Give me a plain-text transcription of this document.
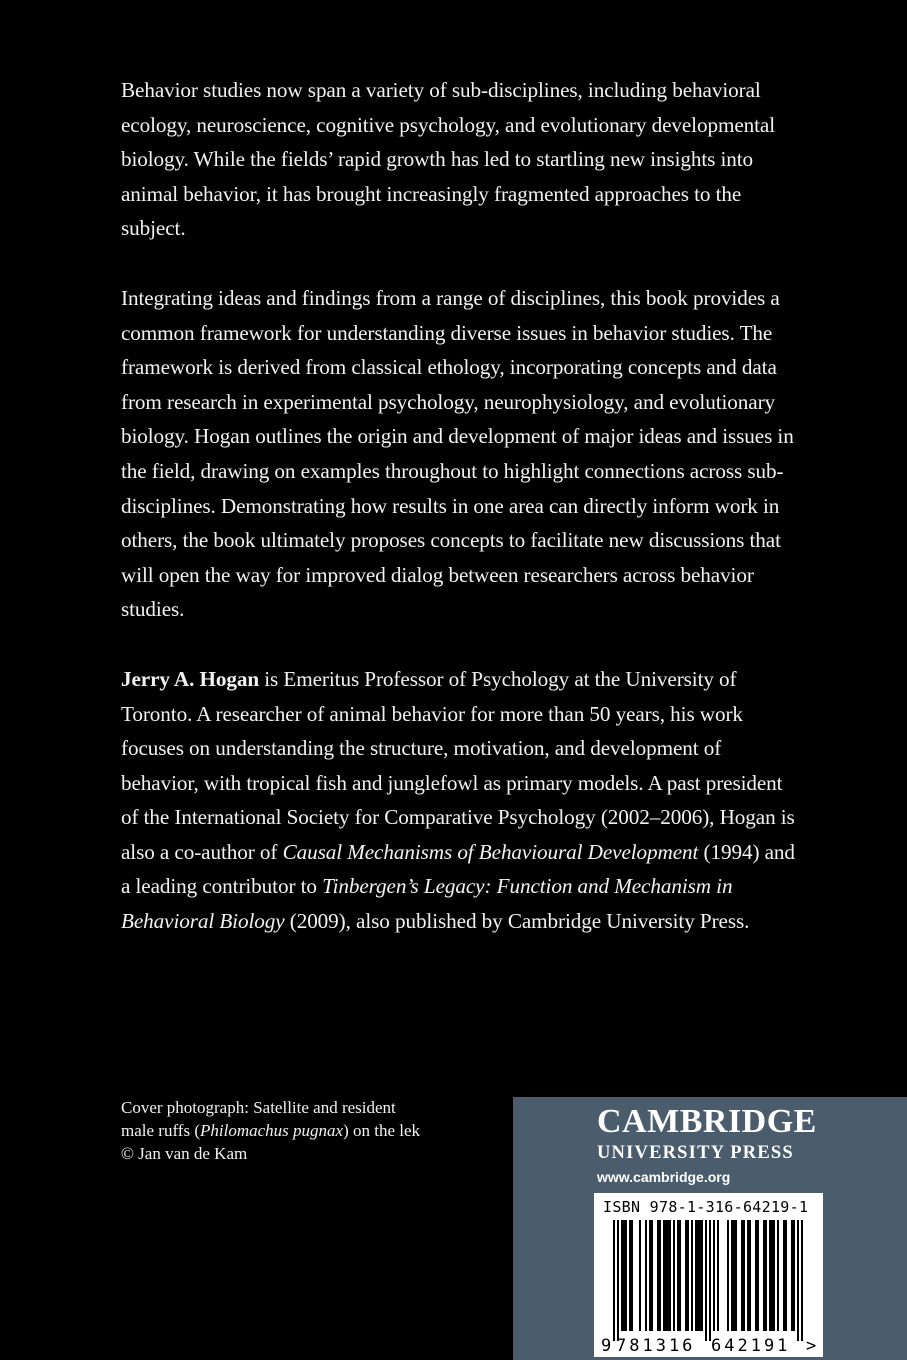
Behavior studies now span a variety of sub-disciplines, including behavioral ecology, neuroscience, cognitive psychology, and evolutionary developmental biology. While the fields’ rapid growth has led to startling new insights into animal behavior, it has brought increasingly fragmented approaches to the subject.

Integrating ideas and findings from a range of disciplines, this book provides a common framework for understanding diverse issues in behavior studies. The framework is derived from classical ethology, incorporating concepts and data from research in experimental psychology, neurophysiology, and evolutionary biology. Hogan outlines the origin and development of major ideas and issues in the field, drawing on examples throughout to highlight connections across sub-disciplines. Demonstrating how results in one area can directly inform work in others, the book ultimately proposes concepts to facilitate new discussions that will open the way for improved dialog between researchers across behavior studies.

Jerry A. Hogan is Emeritus Professor of Psychology at the University of Toronto. A researcher of animal behavior for more than 50 years, his work focuses on understanding the structure, motivation, and development of behavior, with tropical fish and junglefowl as primary models. A past president of the International Society for Comparative Psychology (2002–2006), Hogan is also a co-author of Causal Mechanisms of Behavioural Development (1994) and a leading contributor to Tinbergen’s Legacy: Function and Mechanism in Behavioral Biology (2009), also published by Cambridge University Press.

Cover photograph: Satellite and resident
male ruffs (Philomachus pugnax) on the lek
© Jan van de Kam
CAMBRIDGE
UNIVERSITY PRESS
www.cambridge.org
ISBN 978-1-316-64219-1
9 781316 642191 >
